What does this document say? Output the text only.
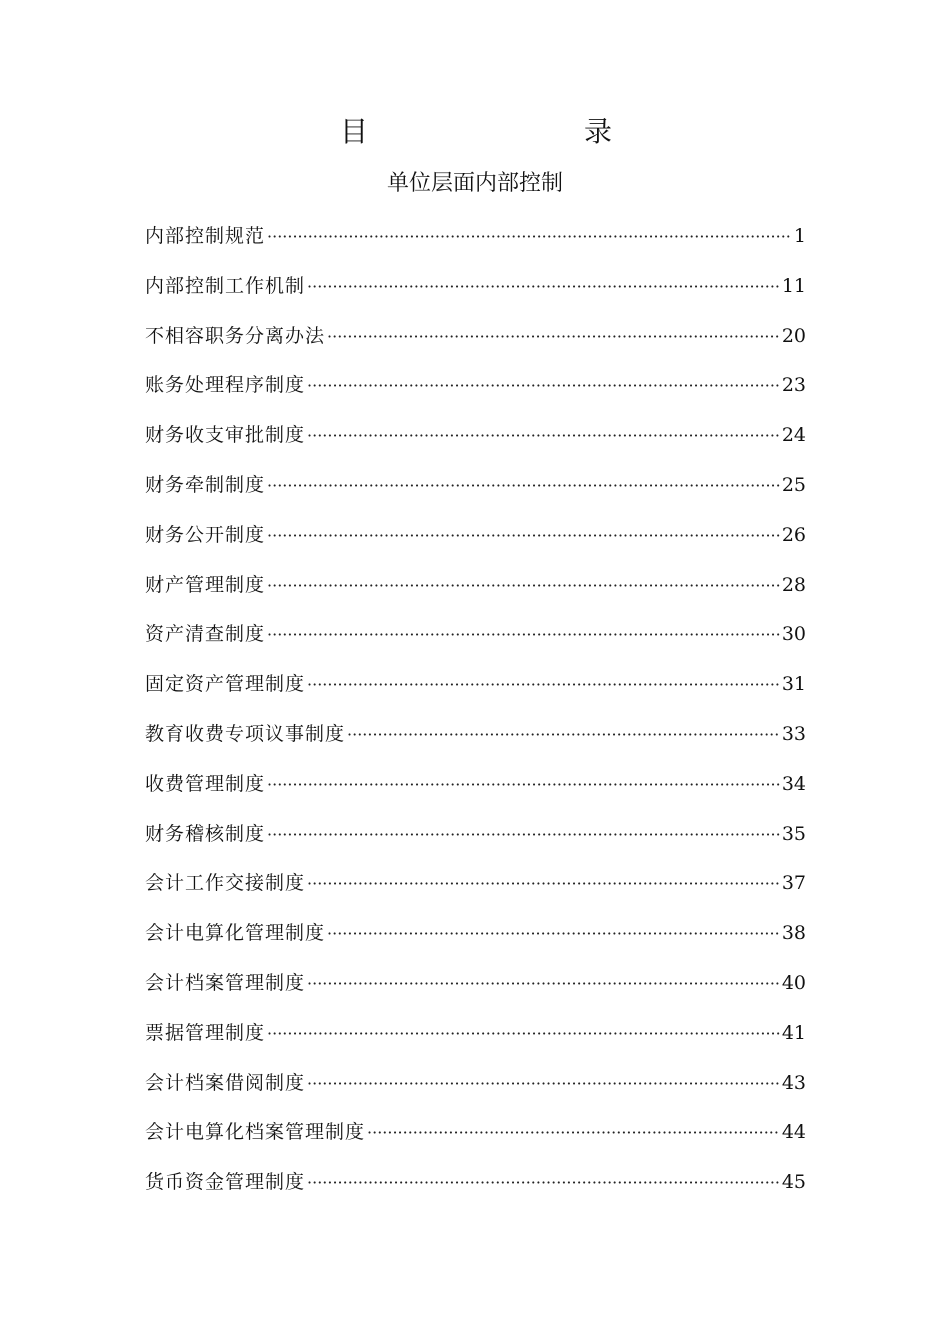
目	录
单位层面内部控制
内部控制规范 ·····	1
内部控制工作机制 ·····	11
不相容职务分离办法 ·····	20
账务处理程序制度 ·····	23
财务收支审批制度 ·····	24
财务牵制制度 ·····	25
财务公开制度 ·····	26
财产管理制度 ·····	28
资产清查制度 ·····	30
固定资产管理制度 ·····	31
教育收费专项议事制度 ·····	33
收费管理制度 ·····	34
财务稽核制度 ·····	35
会计工作交接制度 ·····	37
会计电算化管理制度 ·····	38
会计档案管理制度 ·····	40
票据管理制度 ·····	41
会计档案借阅制度 ·····	43
会计电算化档案管理制度 ·····	44
货币资金管理制度 ·····	45
